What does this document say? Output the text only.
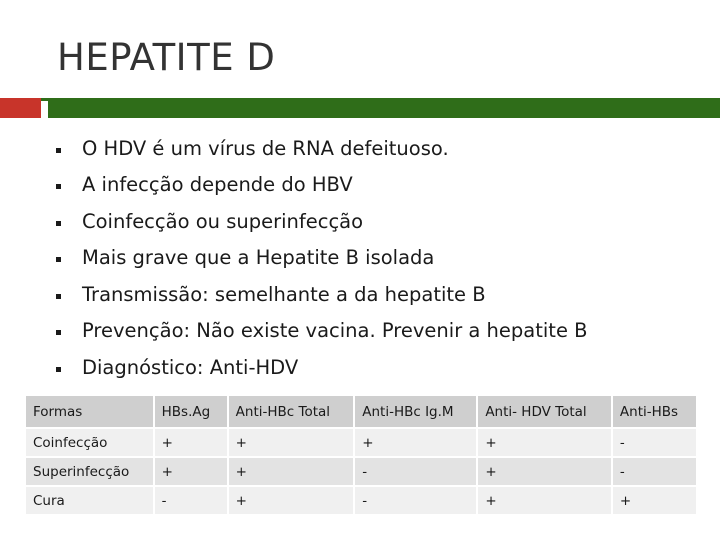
HEPATITE D
O HDV é um vírus de RNA defeituoso.
A infecção depende do HBV
Coinfecção ou superinfecção
Mais grave que a Hepatite B isolada
Transmissão: semelhante a da hepatite B
Prevenção: Não existe vacina. Prevenir a hepatite B
Diagnóstico: Anti-HDV
Formas	HBs.Ag	Anti-HBc Total	Anti-HBc Ig.M	Anti- HDV Total	Anti-HBs
Coinfecção	+	+	+	+	-
Superinfecção	+	+	-	+	-
Cura	-	+	-	+	+
